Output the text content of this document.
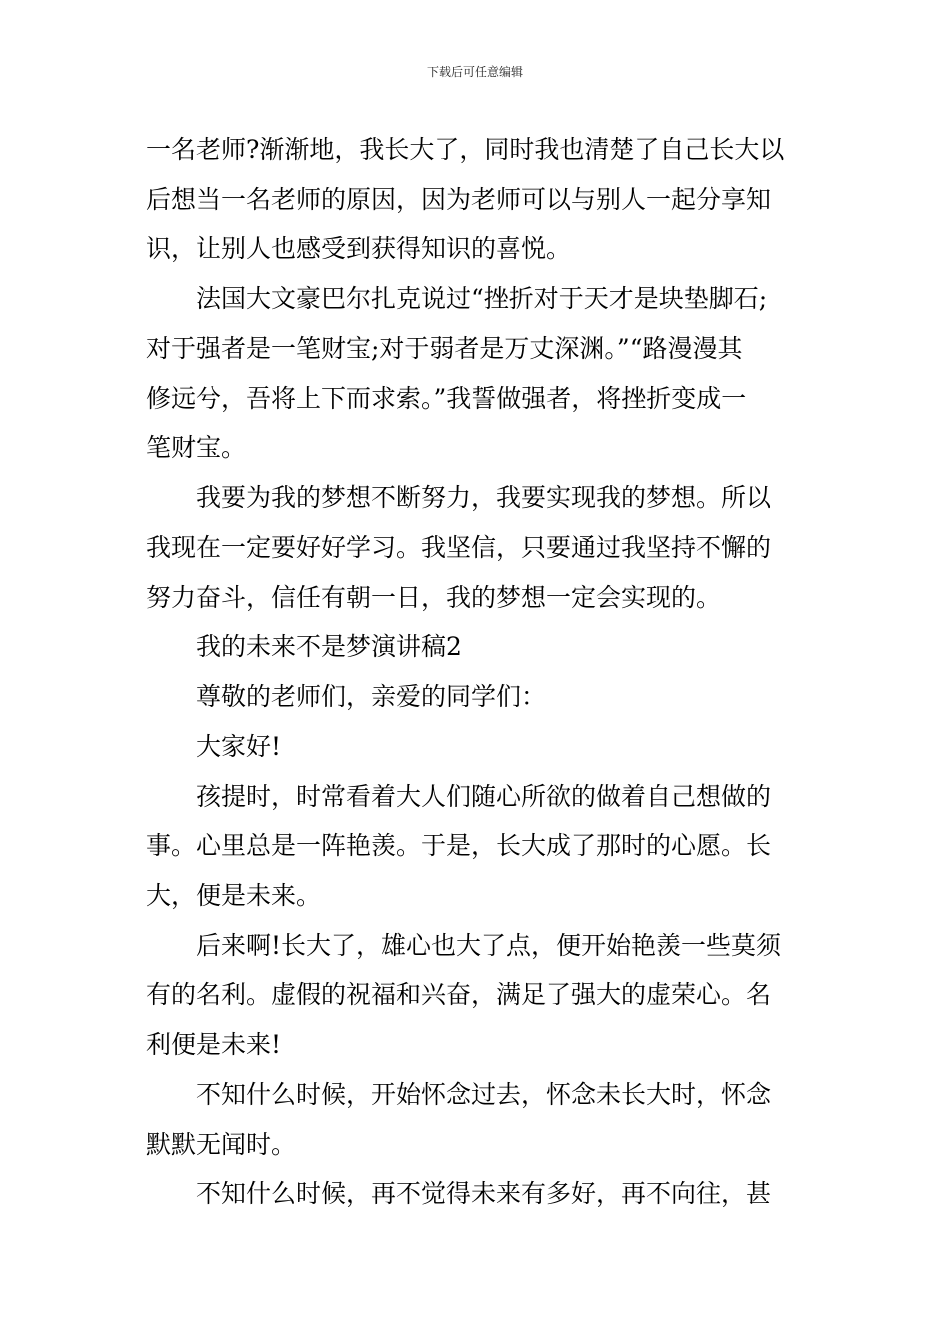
下载后可任意编辑
一名老师?渐渐地，我长大了，同时我也清楚了自己长大以
后想当一名老师的原因，因为老师可以与别人一起分享知
识，让别人也感受到获得知识的喜悦。
法国大文豪巴尔扎克说过“挫折对于天才是块垫脚石;
对于强者是一笔财宝;对于弱者是万丈深渊。”“路漫漫其
修远兮，吾将上下而求索。”我誓做强者，将挫折变成一
笔财宝。
我要为我的梦想不断努力，我要实现我的梦想。所以
我现在一定要好好学习。我坚信，只要通过我坚持不懈的
努力奋斗，信任有朝一日，我的梦想一定会实现的。
我的未来不是梦演讲稿2
尊敬的老师们，亲爱的同学们：
大家好!
孩提时，时常看着大人们随心所欲的做着自己想做的
事。心里总是一阵艳羡。于是，长大成了那时的心愿。长
大，便是未来。
后来啊!长大了，雄心也大了点，便开始艳羡一些莫须
有的名利。虚假的祝福和兴奋，满足了强大的虚荣心。名
利便是未来!
不知什么时候，开始怀念过去，怀念未长大时，怀念
默默无闻时。
不知什么时候，再不觉得未来有多好，再不向往，甚
